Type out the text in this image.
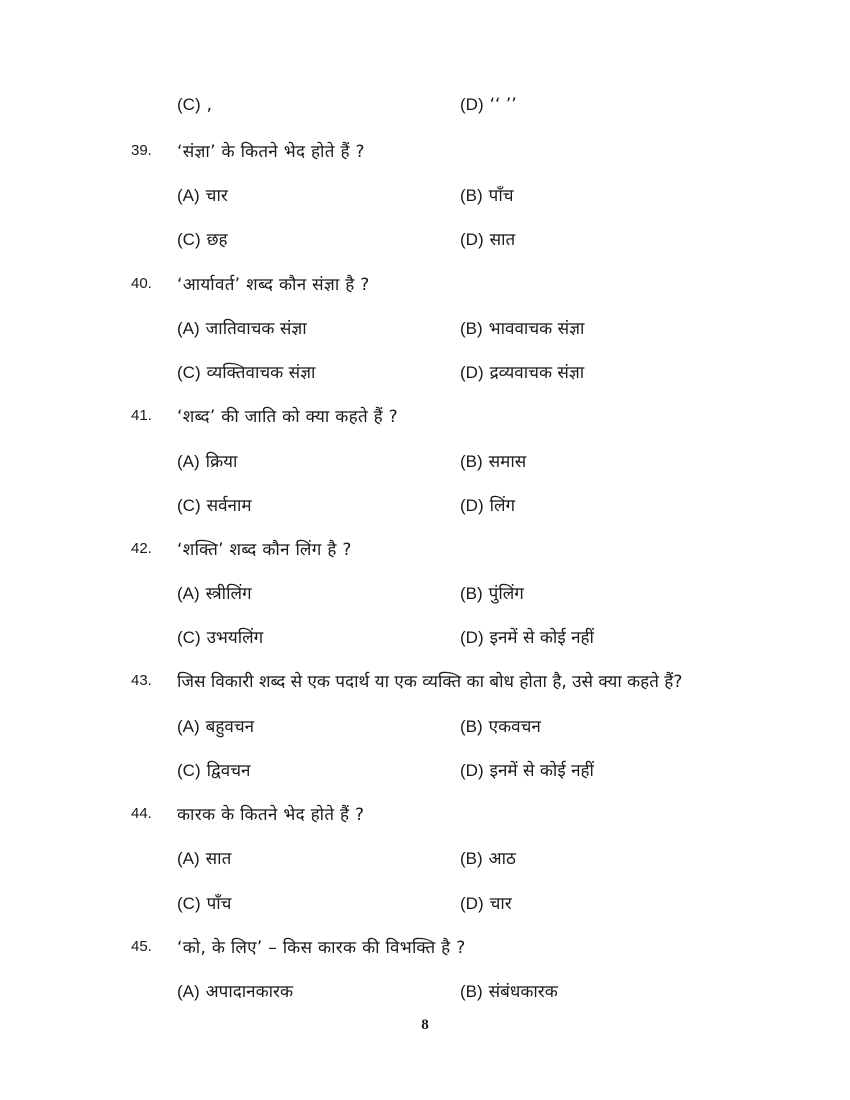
(C) ,	(D) ‘‘ ’’
39. ‘संज्ञा’ के कितने भेद होते हैं ?
(A) चार	(B) पाँच
(C) छह	(D) सात
40. ‘आर्यावर्त’ शब्द कौन संज्ञा है ?
(A) जातिवाचक संज्ञा	(B) भाववाचक संज्ञा
(C) व्यक्तिवाचक संज्ञा	(D) द्रव्यवाचक संज्ञा
41. ‘शब्द’ की जाति को क्या कहते हैं ?
(A) क्रिया	(B) समास
(C) सर्वनाम	(D) लिंग
42. ‘शक्ति’ शब्द कौन लिंग है ?
(A) स्त्रीलिंग	(B) पुंलिंग
(C) उभयलिंग	(D) इनमें से कोई नहीं
43. जिस विकारी शब्द से एक पदार्थ या एक व्यक्ति का बोध होता है, उसे क्या कहते हैं?
(A) बहुवचन	(B) एकवचन
(C) द्विवचन	(D) इनमें से कोई नहीं
44. कारक के कितने भेद होते हैं ?
(A) सात	(B) आठ
(C) पाँच	(D) चार
45. ‘को, के लिए’ – किस कारक की विभक्ति है ?
(A) अपादानकारक	(B) संबंधकारक
8
